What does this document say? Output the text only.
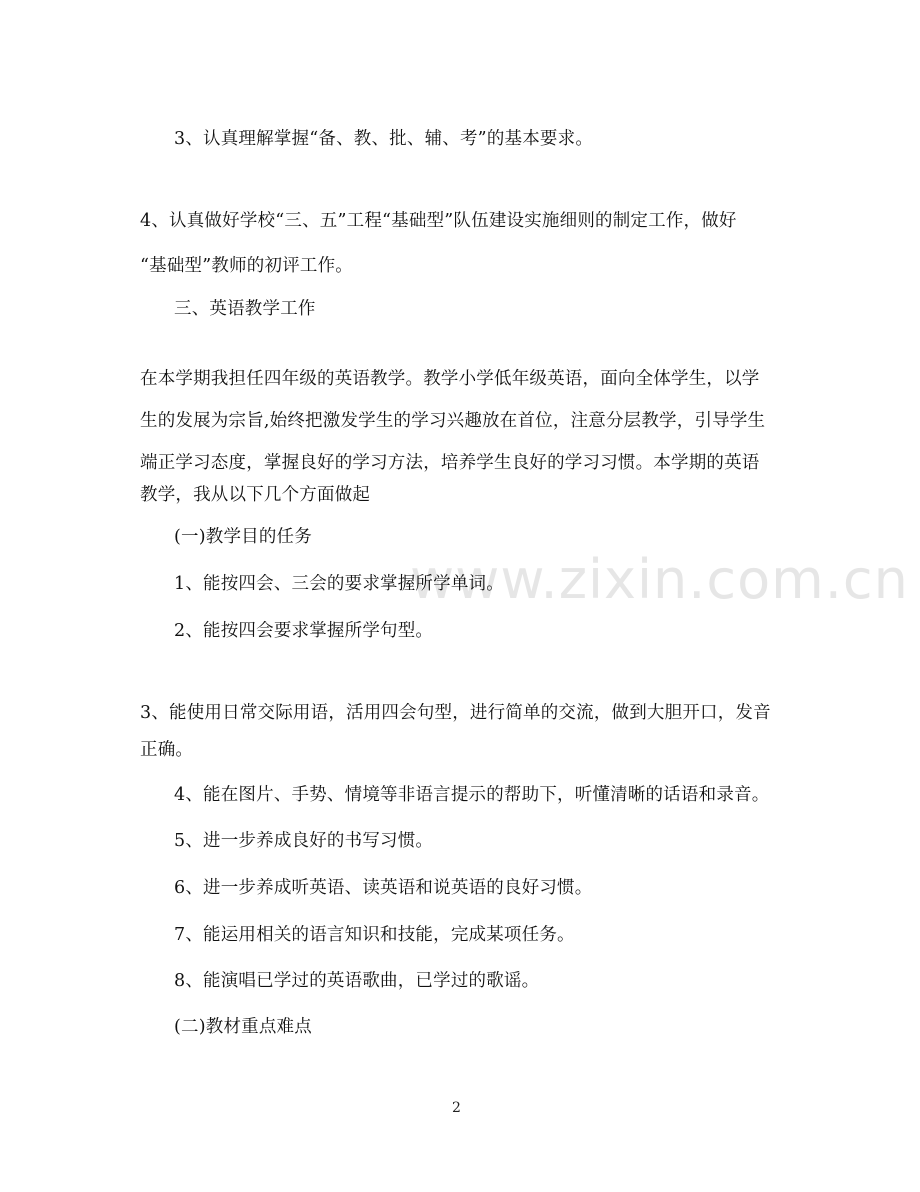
www.zixin.com.cn
3、认真理解掌握“备、教、批、辅、考”的基本要求。
4、认真做好学校“三、五”工程“基础型”队伍建设实施细则的制定工作，做好
“基础型”教师的初评工作。
三、英语教学工作
在本学期我担任四年级的英语教学。教学小学低年级英语，面向全体学生，以学
生的发展为宗旨,始终把激发学生的学习兴趣放在首位，注意分层教学，引导学生
端正学习态度，掌握良好的学习方法，培养学生良好的学习习惯。本学期的英语
教学，我从以下几个方面做起
(一)教学目的任务
1、能按四会、三会的要求掌握所学单词。
2、能按四会要求掌握所学句型。
3、能使用日常交际用语，活用四会句型，进行简单的交流，做到大胆开口，发音
正确。
4、能在图片、手势、情境等非语言提示的帮助下，听懂清晰的话语和录音。
5、进一步养成良好的书写习惯。
6、进一步养成听英语、读英语和说英语的良好习惯。
7、能运用相关的语言知识和技能，完成某项任务。
8、能演唱已学过的英语歌曲，已学过的歌谣。
(二)教材重点难点
2
